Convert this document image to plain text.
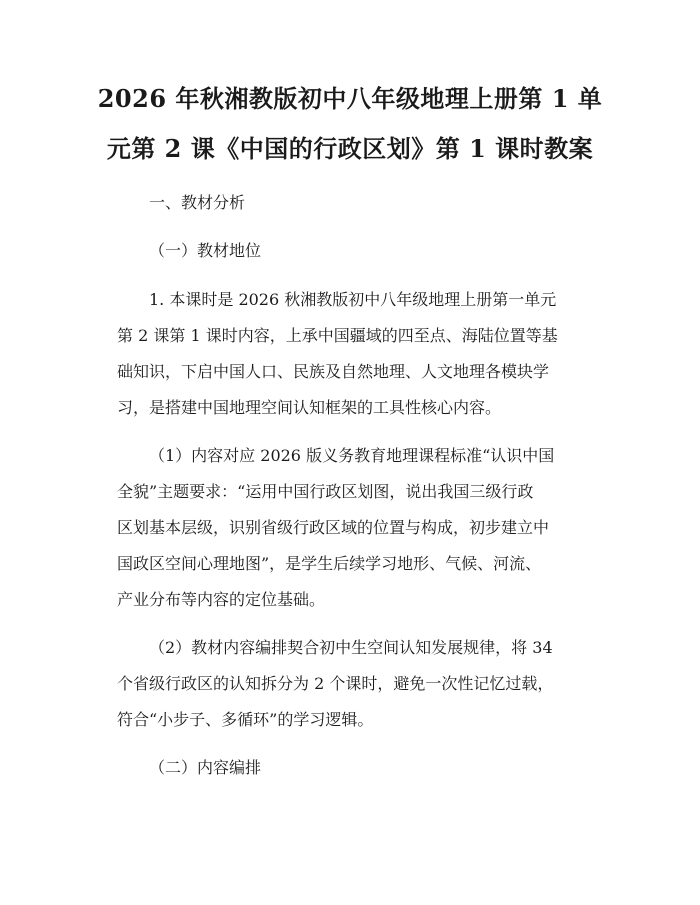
2026 年秋湘教版初中八年级地理上册第 1 单
元第 2 课《中国的行政区划》第 1 课时教案
一、教材分析
（一）教材地位
1. 本课时是 2026 秋湘教版初中八年级地理上册第一单元
第 2 课第 1 课时内容，上承中国疆域的四至点、海陆位置等基
础知识，下启中国人口、民族及自然地理、人文地理各模块学
习，是搭建中国地理空间认知框架的工具性核心内容。
（1）内容对应 2026 版义务教育地理课程标准“认识中国
全貌”主题要求：“运用中国行政区划图，说出我国三级行政
区划基本层级，识别省级行政区域的位置与构成，初步建立中
国政区空间心理地图”，是学生后续学习地形、气候、河流、
产业分布等内容的定位基础。
（2）教材内容编排契合初中生空间认知发展规律，将 34
个省级行政区的认知拆分为 2 个课时，避免一次性记忆过载，
符合“小步子、多循环”的学习逻辑。
（二）内容编排
